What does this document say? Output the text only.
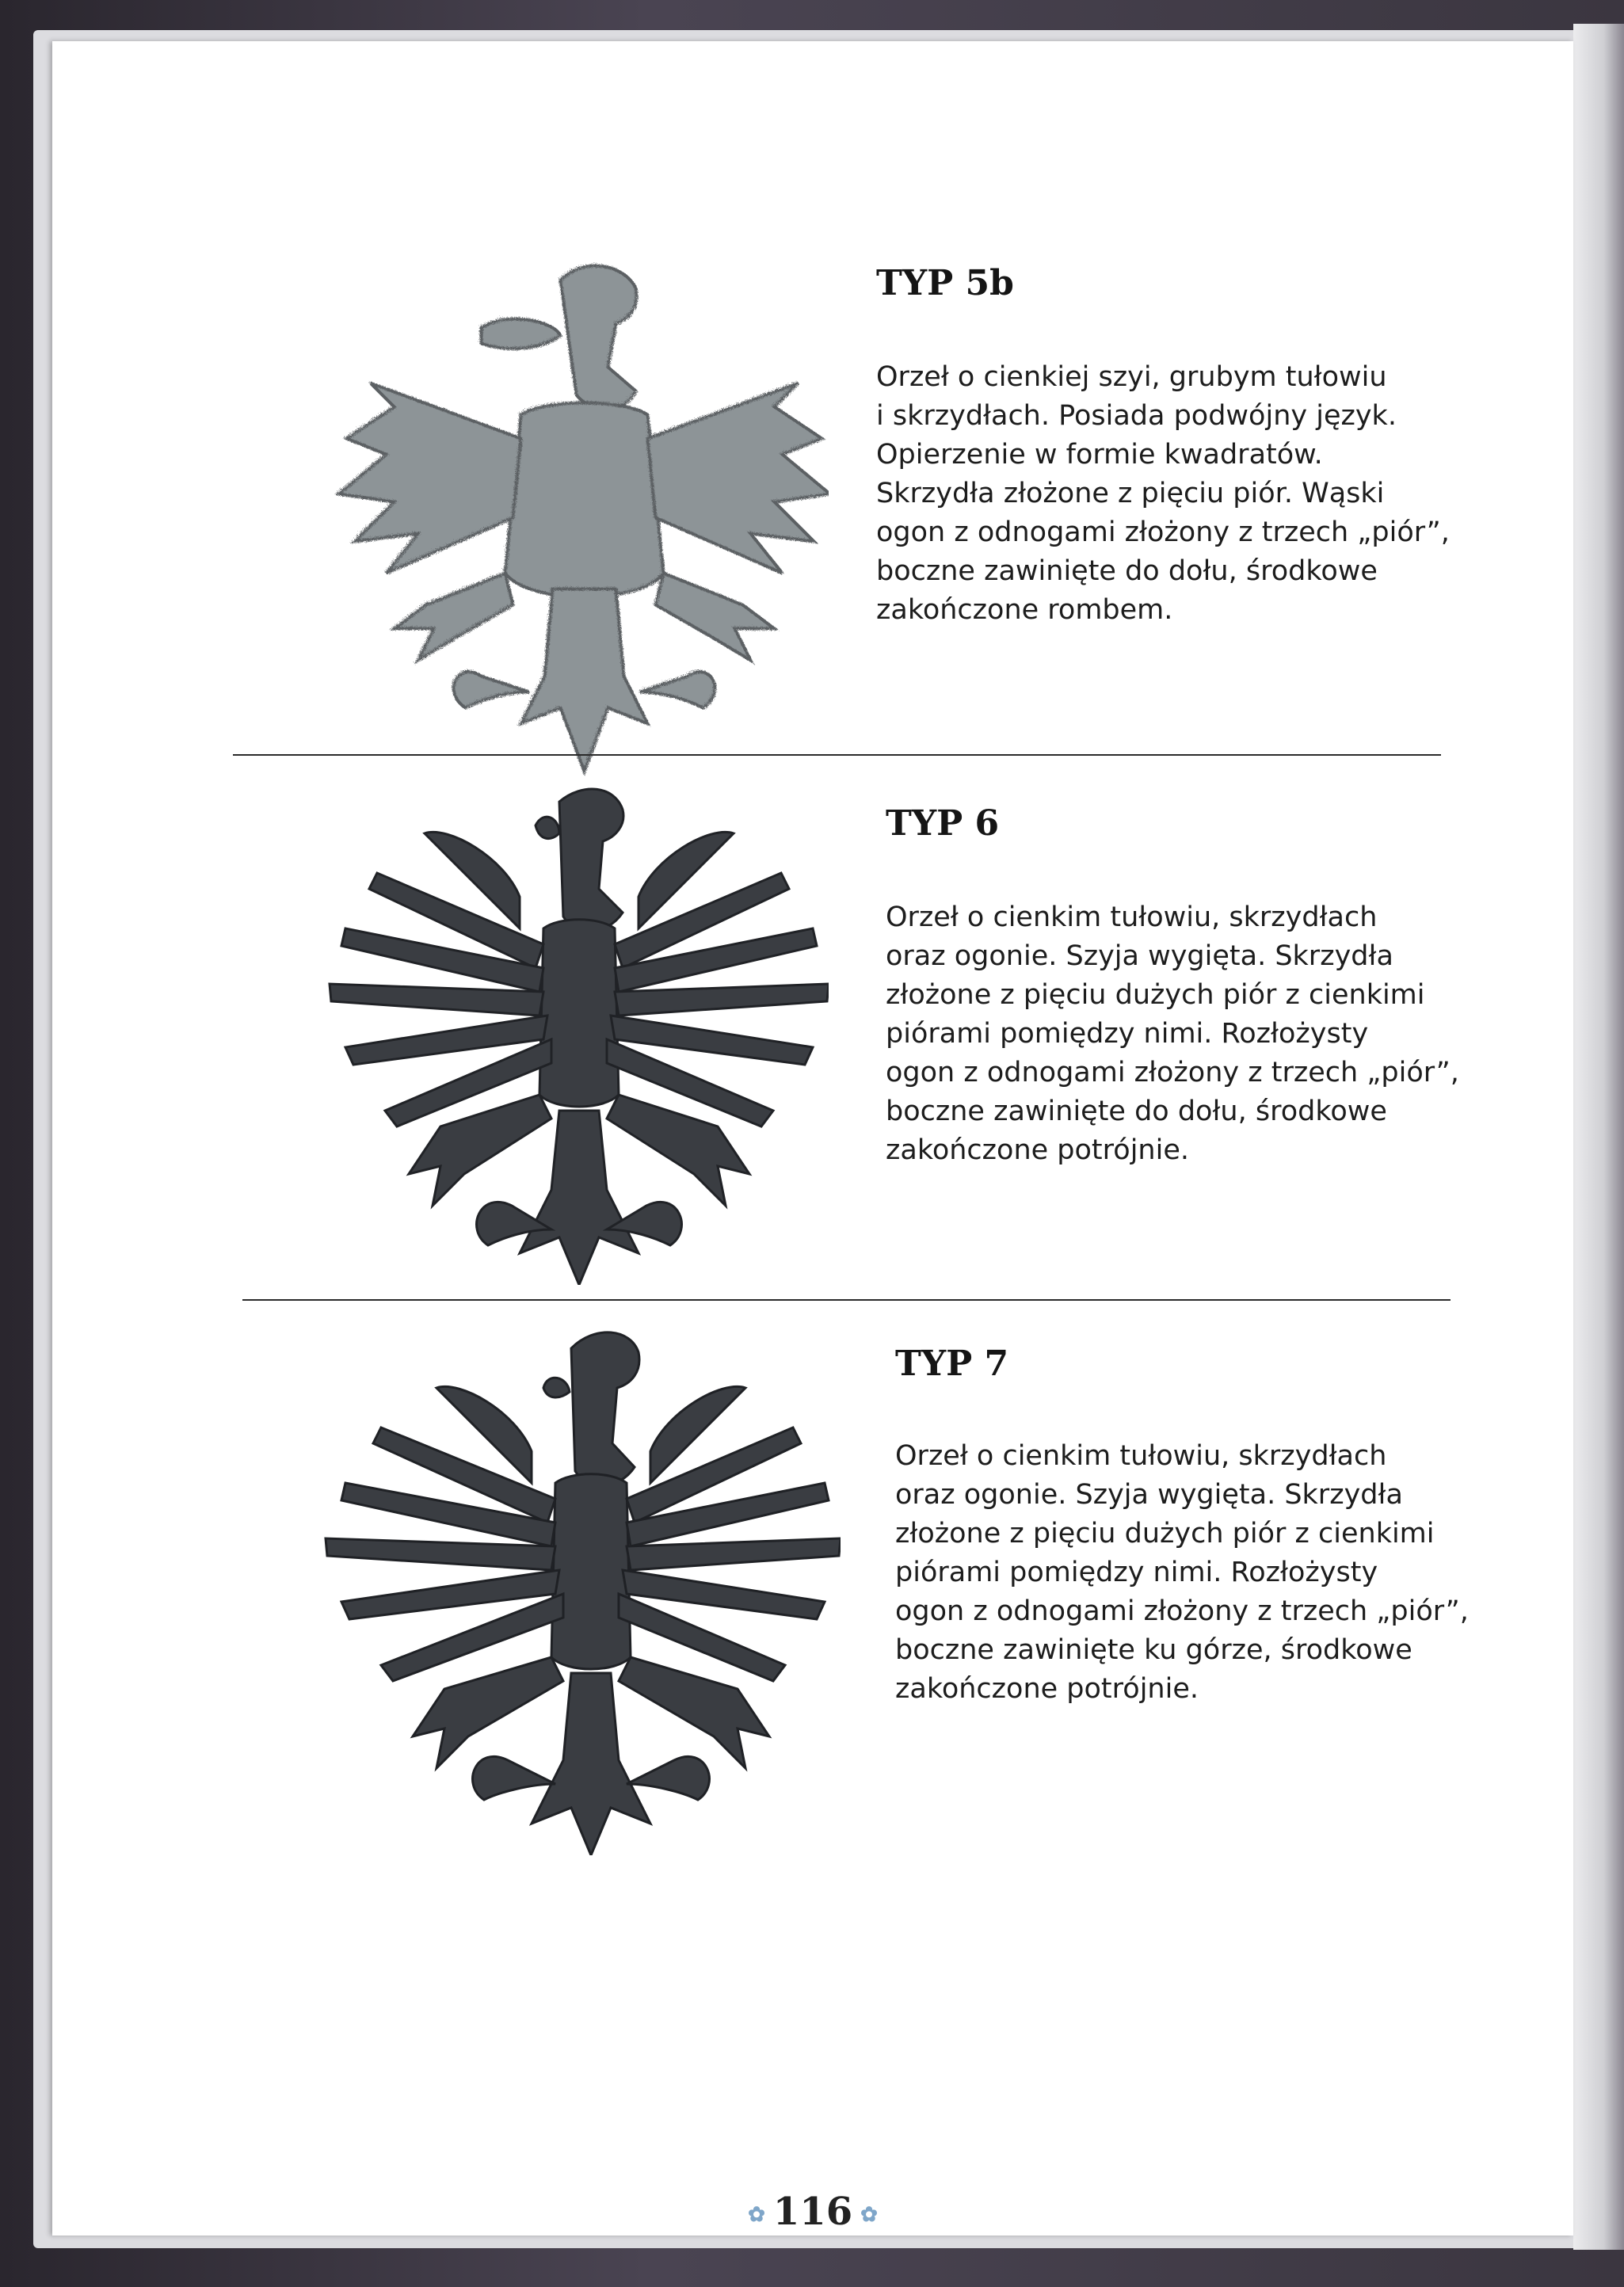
TYP 5b

Orzeł o cienkiej szyi, grubym tułowiu
i skrzydłach. Posiada podwójny język.
Opierzenie w formie kwadratów.
Skrzydła złożone z pięciu piór. Wąski
ogon z odnogami złożony z trzech „piór”,
boczne zawinięte do dołu, środkowe
zakończone rombem.

TYP 6

Orzeł o cienkim tułowiu, skrzydłach
oraz ogonie. Szyja wygięta. Skrzydła
złożone z pięciu dużych piór z cienkimi
piórami pomiędzy nimi. Rozłożysty
ogon z odnogami złożony z trzech „piór”,
boczne zawinięte do dołu, środkowe
zakończone potrójnie.

TYP 7

Orzeł o cienkim tułowiu, skrzydłach
oraz ogonie. Szyja wygięta. Skrzydła
złożone z pięciu dużych piór z cienkimi
piórami pomiędzy nimi. Rozłożysty
ogon z odnogami złożony z trzech „piór”,
boczne zawinięte ku górze, środkowe
zakończone potrójnie.

✿ 116 ✿
